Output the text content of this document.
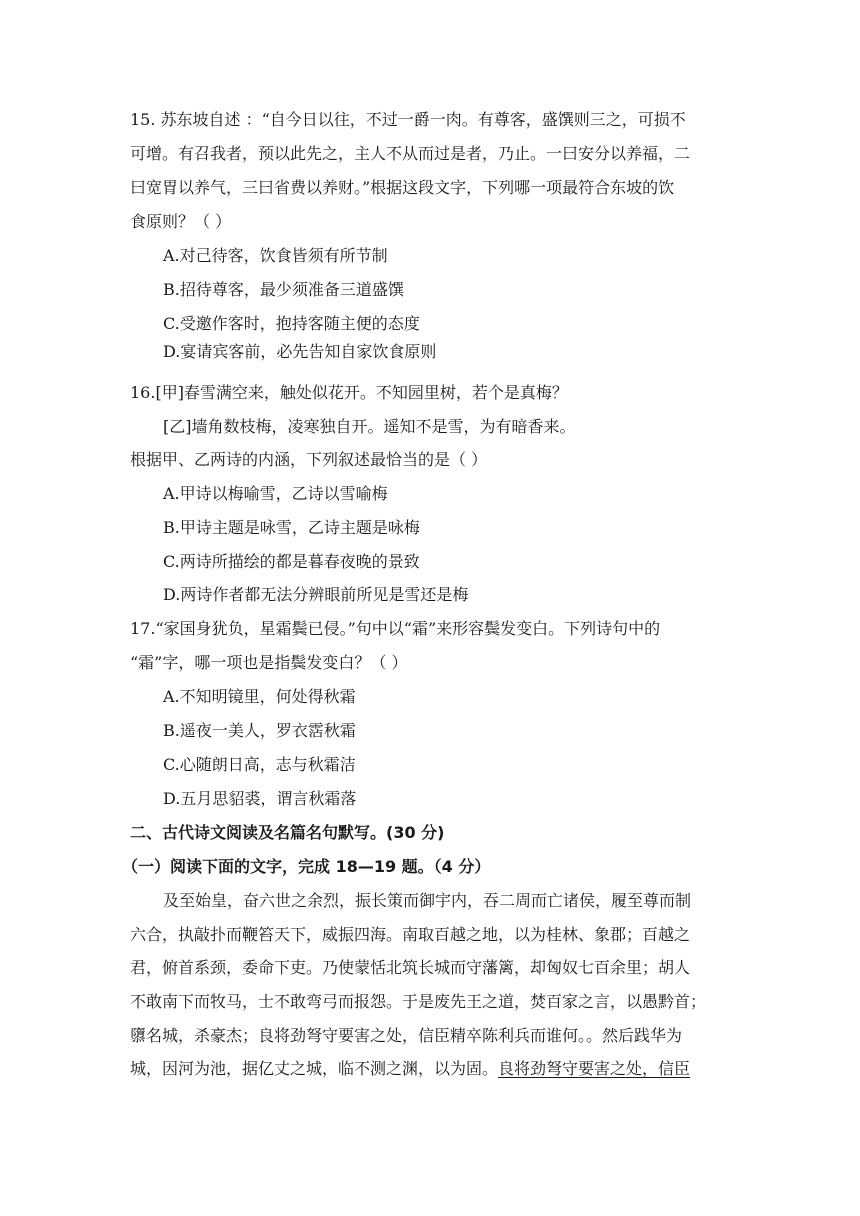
15. 苏东坡自述 ：“自今日以往，不过一爵一肉。有尊客，盛馔则三之，可损不
可增。有召我者，预以此先之，主人不从而过是者，乃止。一曰安分以养福，二
曰宽胃以养气，三曰省费以养财。”根据这段文字，下列哪一项最符合东坡的饮
食原则？（ ）
A.对己待客，饮食皆须有所节制
B.招待尊客，最少须准备三道盛馔
C.受邀作客时，抱持客随主便的态度
D.宴请宾客前，必先告知自家饮食原则
16.[甲]春雪满空来，触处似花开。不知园里树，若个是真梅？
[乙]墙角数枝梅，凌寒独自开。遥知不是雪，为有暗香来。
根据甲、乙两诗的内涵，下列叙述最恰当的是（ ）
A.甲诗以梅喻雪，乙诗以雪喻梅
B.甲诗主题是咏雪，乙诗主题是咏梅
C.两诗所描绘的都是暮春夜晚的景致
D.两诗作者都无法分辨眼前所见是雪还是梅
17.“家国身犹负，星霜鬓已侵。”句中以“霜”来形容鬓发变白。下列诗句中的
“霜”字，哪一项也是指鬓发变白？（ ）
A.不知明镜里，何处得秋霜
B.遥夜一美人，罗衣霑秋霜
C.心随朗日高，志与秋霜洁
D.五月思貂裘，谓言秋霜落
二、古代诗文阅读及名篇名句默写。(30 分)
（一）阅读下面的文字，完成 18—19 题。（4 分）
及至始皇，奋六世之余烈，振长策而御宇内，吞二周而亡诸侯，履至尊而制
六合，执敲扑而鞭笞天下，威振四海。南取百越之地，以为桂林、象郡；百越之
君，俯首系颈，委命下吏。乃使蒙恬北筑长城而守藩篱，却匈奴七百余里；胡人
不敢南下而牧马，士不敢弯弓而报怨。于是废先王之道，焚百家之言，以愚黔首；
隳名城，杀豪杰；良将劲弩守要害之处，信臣精卒陈利兵而谁何。。然后践华为
城，因河为池，据亿丈之城，临不测之渊，以为固。良将劲弩守要害之处，信臣
